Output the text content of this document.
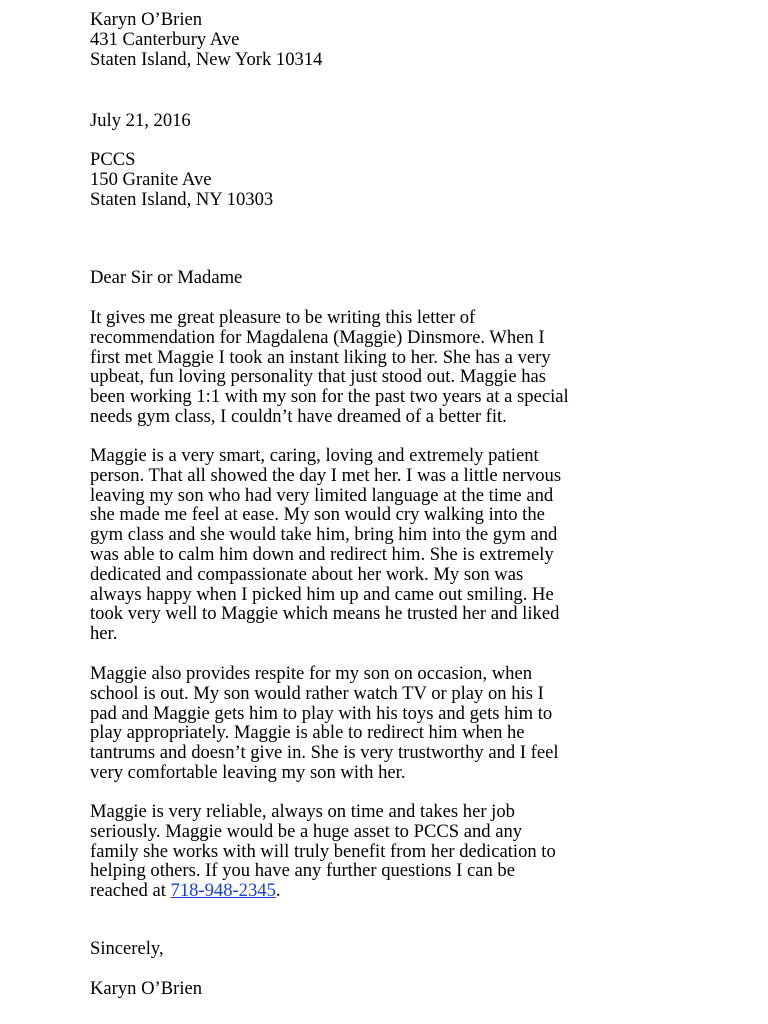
Karyn O’Brien
431 Canterbury Ave
Staten Island, New York 10314
July 21, 2016
PCCS
150 Granite Ave
Staten Island, NY 10303
Dear Sir or Madame
It gives me great pleasure to be writing this letter of
recommendation for Magdalena (Maggie) Dinsmore. When I
first met Maggie I took an instant liking to her. She has a very
upbeat, fun loving personality that just stood out. Maggie has
been working 1:1 with my son for the past two years at a special
needs gym class, I couldn’t have dreamed of a better fit.
Maggie is a very smart, caring, loving and extremely patient
person. That all showed the day I met her. I was a little nervous
leaving my son who had very limited language at the time and
she made me feel at ease. My son would cry walking into the
gym class and she would take him, bring him into the gym and
was able to calm him down and redirect him. She is extremely
dedicated and compassionate about her work. My son was
always happy when I picked him up and came out smiling. He
took very well to Maggie which means he trusted her and liked
her.
Maggie also provides respite for my son on occasion, when
school is out. My son would rather watch TV or play on his I
pad and Maggie gets him to play with his toys and gets him to
play appropriately. Maggie is able to redirect him when he
tantrums and doesn’t give in. She is very trustworthy and I feel
very comfortable leaving my son with her.
Maggie is very reliable, always on time and takes her job
seriously. Maggie would be a huge asset to PCCS and any
family she works with will truly benefit from her dedication to
helping others. If you have any further questions I can be
reached at 718-948-2345.
Sincerely,
Karyn O’Brien
